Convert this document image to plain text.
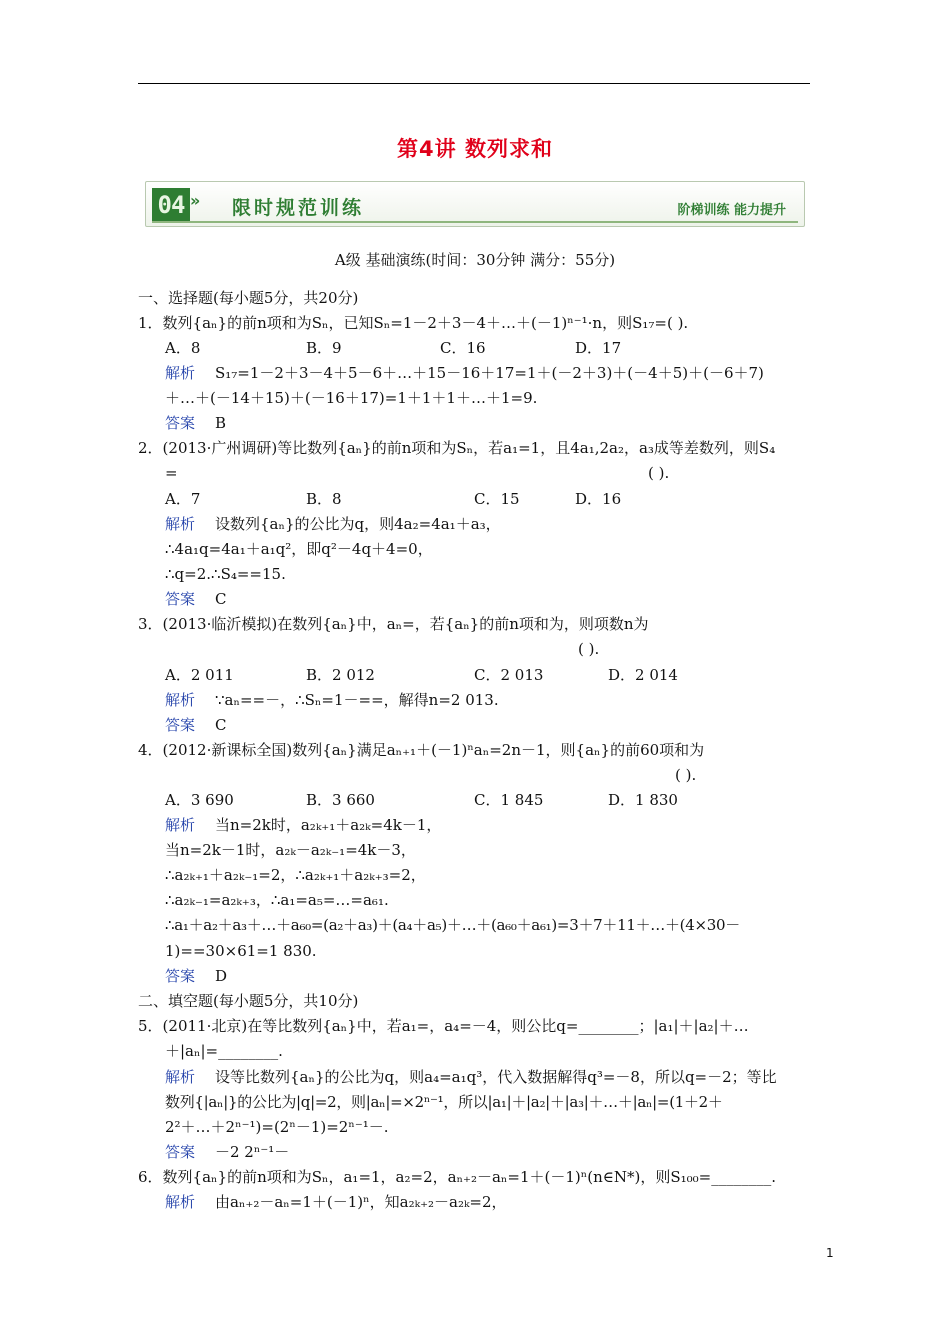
第4讲 数列求和
04 » 限时规范训练	阶梯训练 能力提升
A级 基础演练(时间：30分钟 满分：55分)
一、选择题(每小题5分，共20分)
1．数列{aₙ}的前n项和为Sₙ，已知Sₙ=1－2＋3－4＋…＋(－1)ⁿ⁻¹·n，则S₁₇=( ).
A．8	B．9	C．16	D．17
解析 S₁₇=1－2＋3－4＋5－6＋…＋15－16＋17=1＋(－2＋3)＋(－4＋5)＋(－6＋7)
＋…＋(－14＋15)＋(－16＋17)=1＋1＋1＋…＋1=9.
答案 B
2．(2013·广州调研)等比数列{aₙ}的前n项和为Sₙ，若a₁=1，且4a₁,2a₂，a₃成等差数列，则S₄
=	( ).
A．7	B．8	C．15	D．16
解析 设数列{aₙ}的公比为q，则4a₂=4a₁＋a₃，
∴4a₁q=4a₁＋a₁q²，即q²－4q＋4=0，
∴q=2.∴S₄==15.
答案 C
3．(2013·临沂模拟)在数列{aₙ}中，aₙ=，若{aₙ}的前n项和为，则项数n为
( ).
A．2 011	B．2 012	C．2 013	D．2 014
解析 ∵aₙ==－，∴Sₙ=1－==，解得n=2 013.
答案 C
4．(2012·新课标全国)数列{aₙ}满足aₙ₊₁＋(－1)ⁿaₙ=2n－1，则{aₙ}的前60项和为
( ).
A．3 690	B．3 660	C．1 845	D．1 830
解析 当n=2k时，a₂ₖ₊₁＋a₂ₖ=4k－1，
当n=2k－1时，a₂ₖ－a₂ₖ₋₁=4k－3，
∴a₂ₖ₊₁＋a₂ₖ₋₁=2，∴a₂ₖ₊₁＋a₂ₖ₊₃=2，
∴a₂ₖ₋₁=a₂ₖ₊₃，∴a₁=a₅=…=a₆₁.
∴a₁＋a₂＋a₃＋…＋a₆₀=(a₂＋a₃)＋(a₄＋a₅)＋…＋(a₆₀＋a₆₁)=3＋7＋11＋…＋(4×30－
1)==30×61=1 830.
答案 D
二、填空题(每小题5分，共10分)
5．(2011·北京)在等比数列{aₙ}中，若a₁=，a₄=－4，则公比q=________；|a₁|＋|a₂|＋…
＋|aₙ|=________.
解析 设等比数列{aₙ}的公比为q，则a₄=a₁q³，代入数据解得q³=－8，所以q=－2；等比
数列{|aₙ|}的公比为|q|=2，则|aₙ|=×2ⁿ⁻¹，所以|a₁|＋|a₂|＋|a₃|＋…＋|aₙ|=(1＋2＋
2²＋…＋2ⁿ⁻¹)=(2ⁿ－1)=2ⁿ⁻¹－.
答案 －2 2ⁿ⁻¹－
6．数列{aₙ}的前n项和为Sₙ，a₁=1，a₂=2，aₙ₊₂－aₙ=1＋(－1)ⁿ(n∈N*)，则S₁₀₀=________.
解析 由aₙ₊₂－aₙ=1＋(－1)ⁿ，知a₂ₖ₊₂－a₂ₖ=2，
1
